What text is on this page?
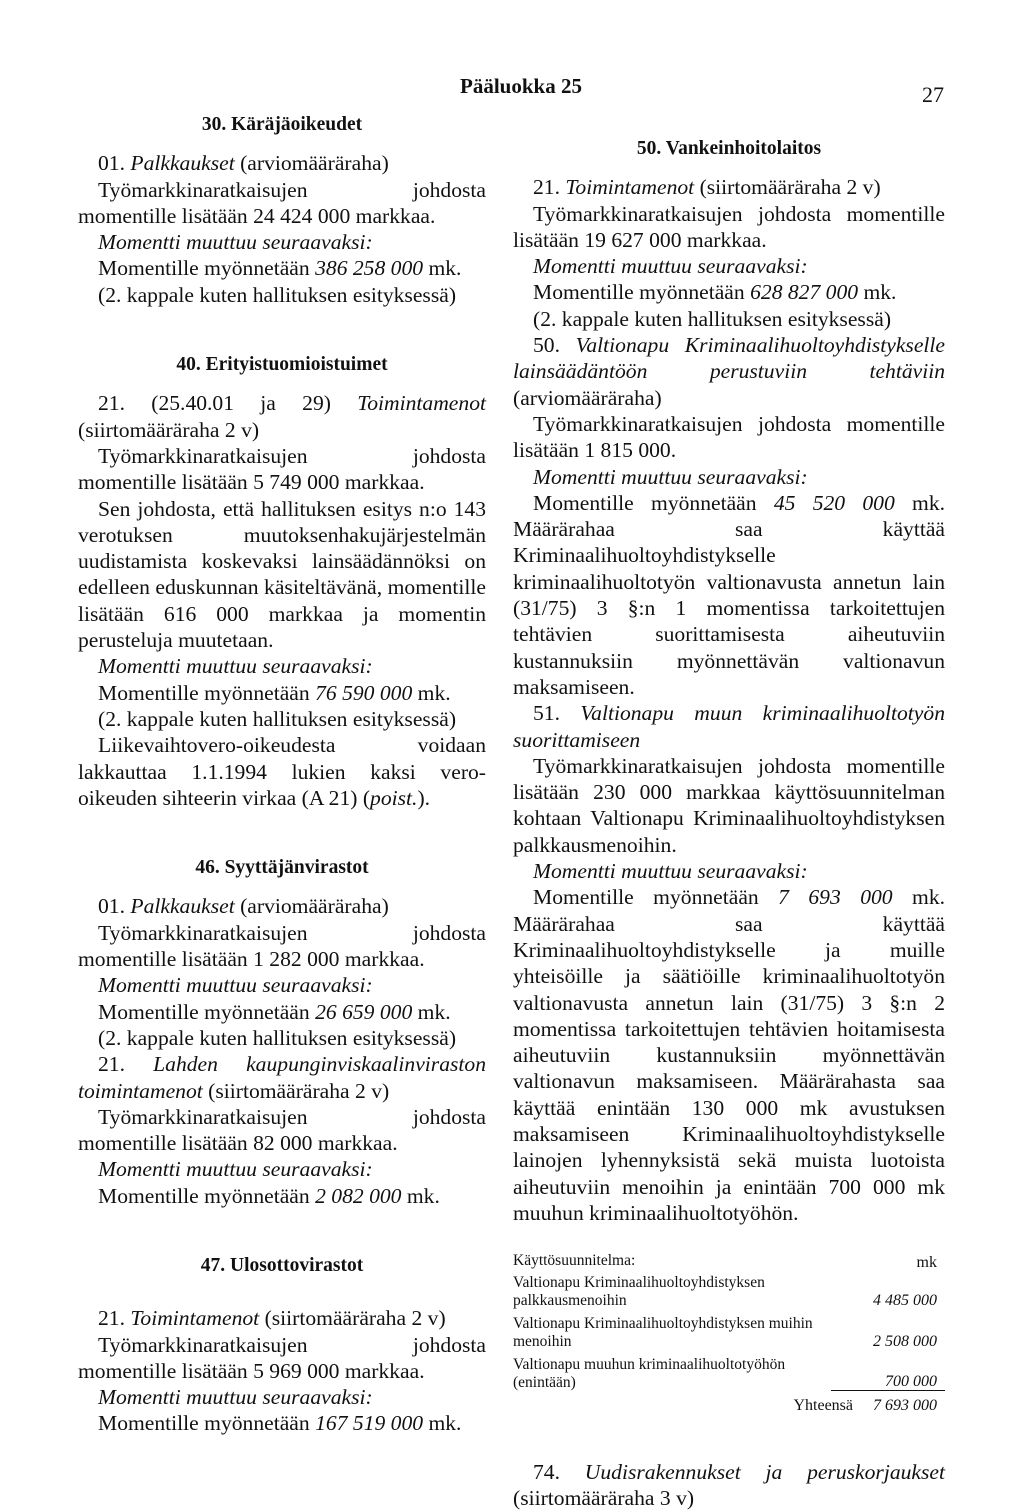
Pääluokka 25	27
30. Käräjäoikeudet

01. Palkkaukset (arviomääräraha)

Työmarkkinaratkaisujen johdosta momentille lisätään 24 424 000 markkaa.

Momentti muuttuu seuraavaksi:

Momentille myönnetään 386 258 000 mk.

(2. kappale kuten hallituksen esityksessä)

40. Erityistuomioistuimet

21. (25.40.01 ja 29) Toimintamenot (siirtomääräraha 2 v)

Työmarkkinaratkaisujen johdosta momentille lisätään 5 749 000 markkaa.

Sen johdosta, että hallituksen esitys n:o 143 verotuksen muutoksenhakujärjestelmän uudistamista koskevaksi lainsäädännöksi on edelleen eduskunnan käsiteltävänä, momentille lisätään 616 000 markkaa ja momentin perusteluja muutetaan.

Momentti muuttuu seuraavaksi:

Momentille myönnetään 76 590 000 mk.

(2. kappale kuten hallituksen esityksessä)

Liikevaihtovero-oikeudesta voidaan lakkauttaa 1.1.1994 lukien kaksi vero-oikeuden sihteerin virkaa (A 21) (poist.).

46. Syyttäjänvirastot

01. Palkkaukset (arviomääräraha)

Työmarkkinaratkaisujen johdosta momentille lisätään 1 282 000 markkaa.

Momentti muuttuu seuraavaksi:

Momentille myönnetään 26 659 000 mk.

(2. kappale kuten hallituksen esityksessä)

21. Lahden kaupunginviskaalinviraston toimintamenot (siirtomääräraha 2 v)

Työmarkkinaratkaisujen johdosta momentille lisätään 82 000 markkaa.

Momentti muuttuu seuraavaksi:

Momentille myönnetään 2 082 000 mk.

47. Ulosottovirastot

21. Toimintamenot (siirtomääräraha 2 v)

Työmarkkinaratkaisujen johdosta momentille lisätään 5 969 000 markkaa.

Momentti muuttuu seuraavaksi:

Momentille myönnetään 167 519 000 mk.

50. Vankeinhoitolaitos

21. Toimintamenot (siirtomääräraha 2 v)

Työmarkkinaratkaisujen johdosta momentille lisätään 19 627 000 markkaa.

Momentti muuttuu seuraavaksi:

Momentille myönnetään 628 827 000 mk.

(2. kappale kuten hallituksen esityksessä)

50. Valtionapu Kriminaalihuoltoyhdistykselle lainsäädäntöön perustuviin tehtäviin (arviomääräraha)

Työmarkkinaratkaisujen johdosta momentille lisätään 1 815 000.

Momentti muuttuu seuraavaksi:

Momentille myönnetään 45 520 000 mk. Määrärahaa saa käyttää Kriminaalihuoltoyhdistykselle kriminaalihuoltotyön valtionavusta annetun lain (31/75) 3 §:n 1 momentissa tarkoitettujen tehtävien suorittamisesta aiheutuviin kustannuksiin myönnettävän valtionavun maksamiseen.

51. Valtionapu muun kriminaalihuoltotyön suorittamiseen

Työmarkkinaratkaisujen johdosta momentille lisätään 230 000 markkaa käyttösuunnitelman kohtaan Valtionapu Kriminaalihuoltoyhdistyksen palkkausmenoihin.

Momentti muuttuu seuraavaksi:

Momentille myönnetään 7 693 000 mk. Määrärahaa saa käyttää Kriminaalihuoltoyhdistykselle ja muille yhteisöille ja säätiöille kriminaalihuoltotyön valtionavusta annetun lain (31/75) 3 §:n 2 momentissa tarkoitettujen tehtävien hoitamisesta aiheutuviin kustannuksiin myönnettävän valtionavun maksamiseen. Määrärahasta saa käyttää enintään 130 000 mk avustuksen maksamiseen Kriminaalihuoltoyhdistykselle lainojen lyhennyksistä sekä muista luotoista aiheutuviin menoihin ja enintään 700 000 mk muuhun kriminaalihuoltotyöhön.

Käyttösuunnitelma:	mk
Valtionapu Kriminaalihuoltoyhdistyksen palkkausmenoihin	4 485 000
Valtionapu Kriminaalihuoltoyhdistyksen muihin menoihin	2 508 000
Valtionapu muuhun kriminaalihuoltotyöhön (enintään)	700 000
Yhteensä 7 693 000

74. Uudisrakennukset ja peruskorjaukset (siirtomääräraha 3 v)
